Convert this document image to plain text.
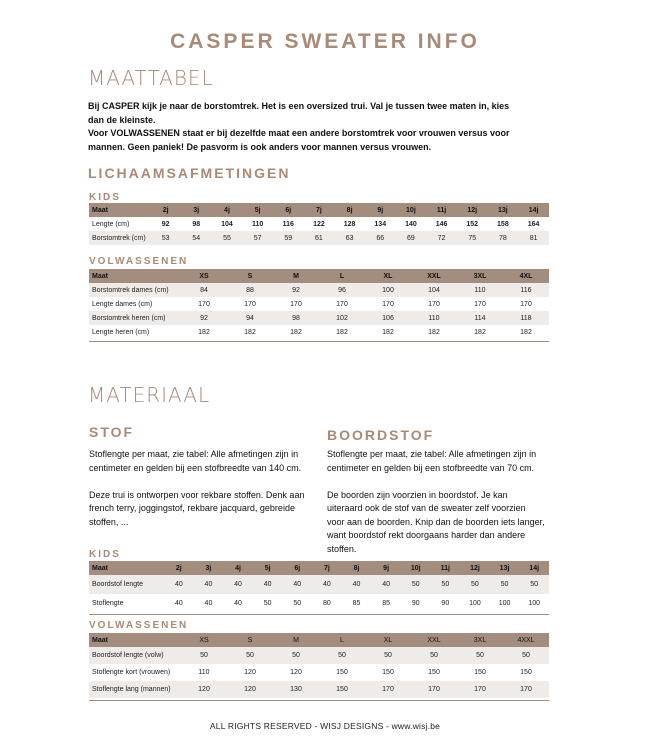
CASPER SWEATER INFO
MAATTABEL
Bij CASPER kijk je naar de borstomtrek. Het is een oversized trui. Val je tussen twee maten in, kies
dan de kleinste.
Voor VOLWASSENEN staat er bij dezelfde maat een andere borstomtrek voor vrouwen versus voor
mannen. Geen paniek! De pasvorm is ook anders voor mannen versus vrouwen.
LICHAAMSAFMETINGEN
KIDS
Maat	2j	3j	4j	5j	6j	7j	8j	9j	10j	11j	12j	13j	14j
Lengte (cm)	92	98	104	110	116	122	128	134	140	146	152	158	164
Borstomtrek (cm)	53	54	55	57	59	61	63	66	69	72	75	78	81
VOLWASSENEN
Maat	XS	S	M	L	XL	XXL	3XL	4XL
Borstomtrek dames (cm)	84	88	92	96	100	104	110	116
Lengte dames (cm)	170	170	170	170	170	170	170	170
Borstomtrek heren (cm)	92	94	98	102	106	110	114	118
Lengte heren (cm)	182	182	182	182	182	182	182	182
MATERIAAL
STOF
Stoflengte per maat, zie tabel: Alle afmetingen zijn in
centimeter en gelden bij een stofbreedte van 140 cm.
Deze trui is ontworpen voor rekbare stoffen. Denk aan
french terry, joggingstof, rekbare jacquard, gebreide
stoffen, ...
BOORDSTOF
Stoflengte per maat, zie tabel: Alle afmetingen zijn in
centimeter en gelden bij een stofbreedte van 70 cm.
De boorden zijn voorzien in boordstof. Je kan
uiteraard ook de stof van de sweater zelf voorzien
voor aan de boorden. Knip dan de boorden iets langer,
want boordstof rekt doorgaans harder dan andere
stoffen.
KIDS
Maat	2j	3j	4j	5j	6j	7j	8j	9j	10j	11j	12j	13j	14j
Boordstof lengte	40	40	40	40	40	40	40	40	50	50	50	50	50
Stoflengte	40	40	40	50	50	80	85	85	90	90	100	100	100
VOLWASSENEN
Maat	XS	S	M	L	XL	XXL	3XL	4XXL
Boordstof lengte (volw)	50	50	50	50	50	50	50	50
Stoflengte kort (vrouwen)	110	120	120	150	150	150	150	150
Stoflengte lang (mannen)	120	120	130	150	170	170	170	170
ALL RIGHTS RESERVED - WISJ DESIGNS - www.wisj.be
